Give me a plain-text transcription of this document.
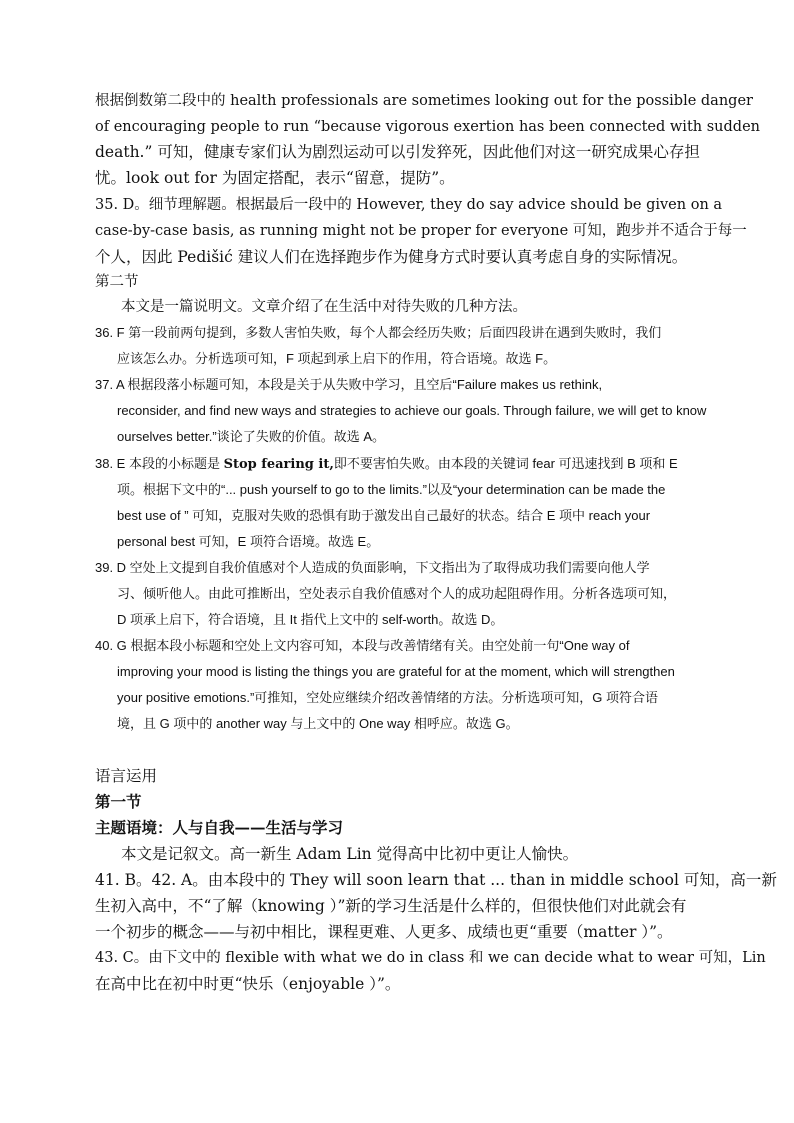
根据倒数第二段中的 health professionals are sometimes looking out for the possible danger
of encouraging people to run “because vigorous exertion has been connected with sudden
death.” 可知，健康专家们认为剧烈运动可以引发猝死，因此他们对这一研究成果心存担
忧。look out for 为固定搭配，表示“留意，提防”。
35. D。细节理解题。根据最后一段中的 However, they do say advice should be given on a
case-by-case basis, as running might not be proper for everyone 可知，跑步并不适合于每一
个人，因此 Pedišić 建议人们在选择跑步作为健身方式时要认真考虑自身的实际情况。
第二节
本文是一篇说明文。文章介绍了在生活中对待失败的几种方法。
36. F 第一段前两句提到，多数人害怕失败，每个人都会经历失败；后面四段讲在遇到失败时，我们
应该怎么办。分析选项可知，F 项起到承上启下的作用，符合语境。故选 F。
37. A 根据段落小标题可知，本段是关于从失败中学习，且空后“Failure makes us rethink,
reconsider, and find new ways and strategies to achieve our goals. Through failure, we will get to know
ourselves better.”谈论了失败的价值。故选 A。
38. E 本段的小标题是 Stop fearing it,即不要害怕失败。由本段的关键词 fear 可迅速找到 B 项和 E
项。根据下文中的“... push yourself to go to the limits.”以及“your determination can be made the
best use of ” 可知，克服对失败的恐惧有助于激发出自己最好的状态。结合 E 项中 reach your
personal best 可知，E 项符合语境。故选 E。
39. D 空处上文提到自我价值感对个人造成的负面影响，下文指出为了取得成功我们需要向他人学
习、倾听他人。由此可推断出，空处表示自我价值感对个人的成功起阻碍作用。分析各选项可知，
D 项承上启下，符合语境，且 It 指代上文中的 self-worth。故选 D。
40. G 根据本段小标题和空处上文内容可知，本段与改善情绪有关。由空处前一句“One way of
improving your mood is listing the things you are grateful for at the moment, which will strengthen
your positive emotions.”可推知，空处应继续介绍改善情绪的方法。分析选项可知，G 项符合语
境，且 G 项中的 another way 与上文中的 One way 相呼应。故选 G。
语言运用
第一节
主题语境：人与自我——生活与学习
本文是记叙文。高一新生 Adam Lin 觉得高中比初中更让人愉快。
41. B。42. A。由本段中的 They will soon learn that ... than in middle school 可知，高一新
生初入高中，不“了解（knowing ）”新的学习生活是什么样的，但很快他们对此就会有
一个初步的概念——与初中相比，课程更难、人更多、成绩也更“重要（matter ）”。
43. C。由下文中的 flexible with what we do in class 和 we can decide what to wear 可知，Lin
在高中比在初中时更“快乐（enjoyable ）”。
